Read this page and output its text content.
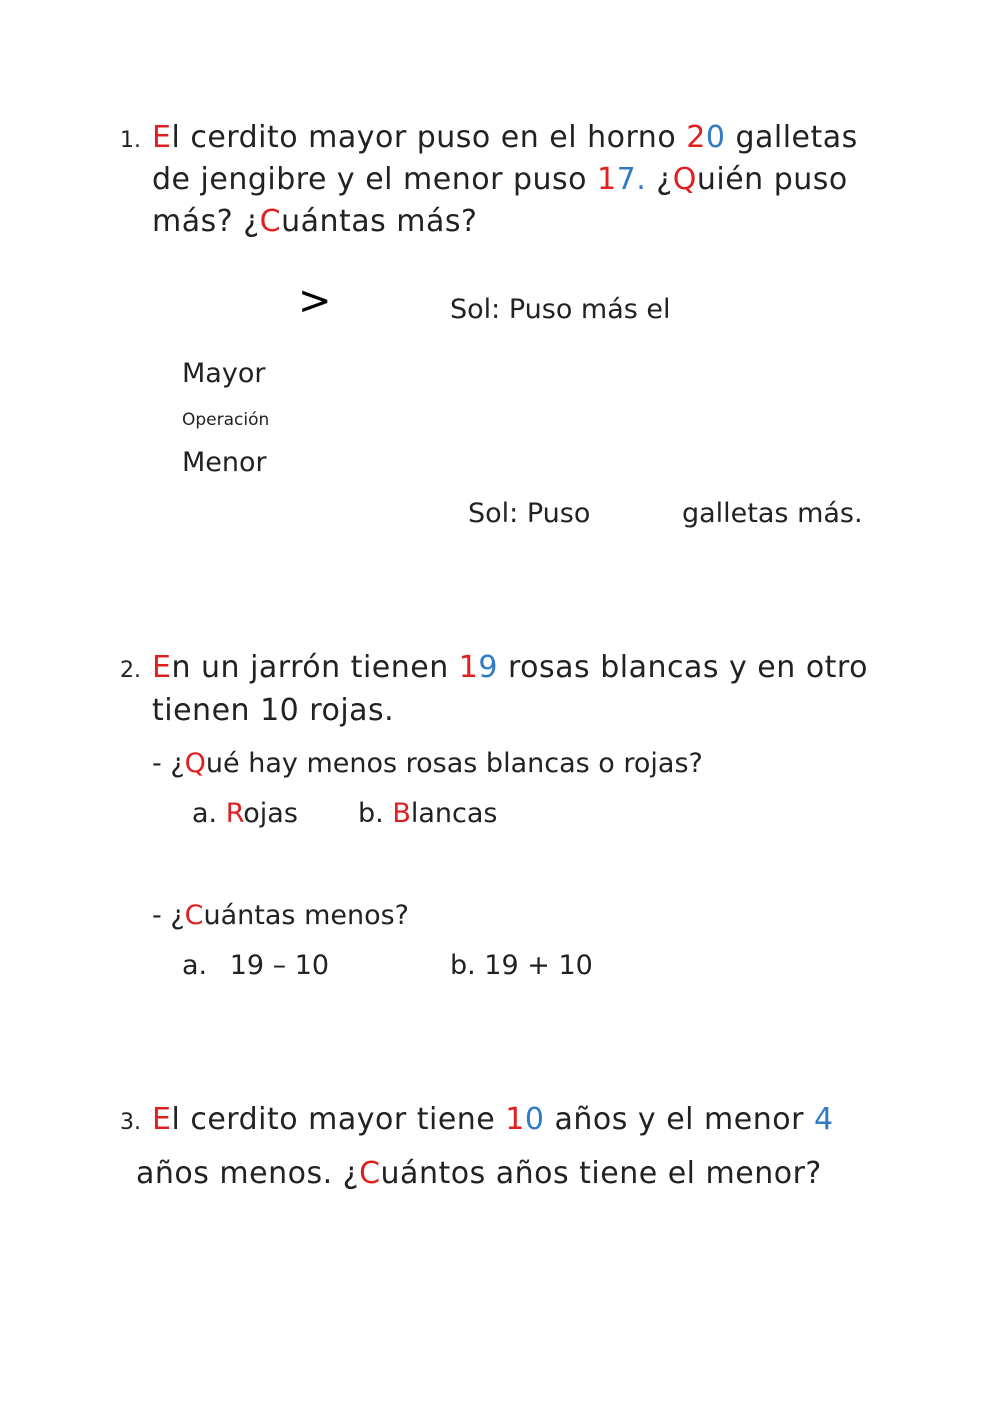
1. El cerdito mayor puso en el horno 20 galletas
de jengibre y el menor puso 17. ¿Quién puso
más? ¿Cuántas más?
>	Sol: Puso más el
Mayor
Operación
Menor
Sol: Puso	galletas más.
2. En un jarrón tienen 19 rosas blancas y en otro
tienen 10 rojas.
- ¿Qué hay menos rosas blancas o rojas?
a. Rojas b. Blancas
- ¿Cuántas menos?
a. 19 – 10	b. 19 + 10
3. El cerdito mayor tiene 10 años y el menor 4
años menos. ¿Cuántos años tiene el menor?
